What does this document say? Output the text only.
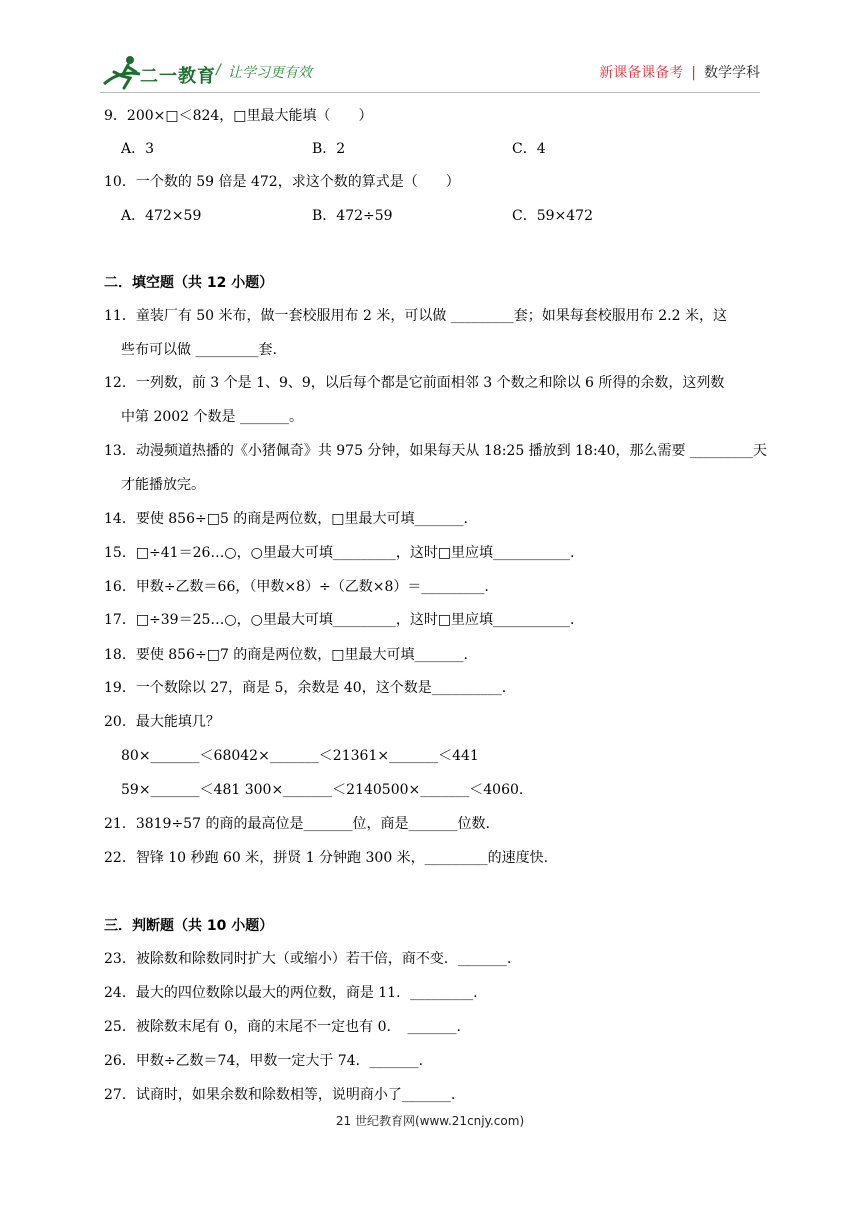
二一教育 / 让学习更有效	新课备课备考 | 数学学科
9．200×□＜824，□里最大能填（　　）
A．3	B．2	C．4
10．一个数的 59 倍是 472，求这个数的算式是（　　）
A．472×59	B．472÷59	C．59×472
二．填空题（共 12 小题）
11．童装厂有 50 米布，做一套校服用布 2 米，可以做 _________套；如果每套校服用布 2.2 米，这
些布可以做 _________套.
12．一列数，前 3 个是 1、9、9，以后每个都是它前面相邻 3 个数之和除以 6 所得的余数，这列数
中第 2002 个数是 _______。
13．动漫频道热播的《小猪佩奇》共 975 分钟，如果每天从 18:25 播放到 18:40，那么需要 _________天
才能播放完。
14．要使 856÷□5 的商是两位数，□里最大可填_______.
15．□÷41＝26…○，○里最大可填_________，这时□里应填___________.
16．甲数÷乙数＝66，（甲数×8）÷（乙数×8）＝_________.
17．□÷39＝25…○，○里最大可填_________，这时□里应填___________.
18．要使 856÷□7 的商是两位数，□里最大可填_______.
19．一个数除以 27，商是 5，余数是 40，这个数是__________.
20．最大能填几？
80×_______＜68042×_______＜21361×_______＜441
59×_______＜481 300×_______＜2140500×_______＜4060.
21．3819÷57 的商的最高位是_______位，商是_______位数.
22．智锋 10 秒跑 60 米，拼贤 1 分钟跑 300 米，_________的速度快.
三．判断题（共 10 小题）
23．被除数和除数同时扩大（或缩小）若干倍，商不变．_______.
24．最大的四位数除以最大的两位数，商是 11．_________.
25．被除数末尾有 0，商的末尾不一定也有 0．　_______.
26．甲数÷乙数＝74，甲数一定大于 74．_______.
27．试商时，如果余数和除数相等，说明商小了_______.
21 世纪教育网(www.21cnjy.com)
